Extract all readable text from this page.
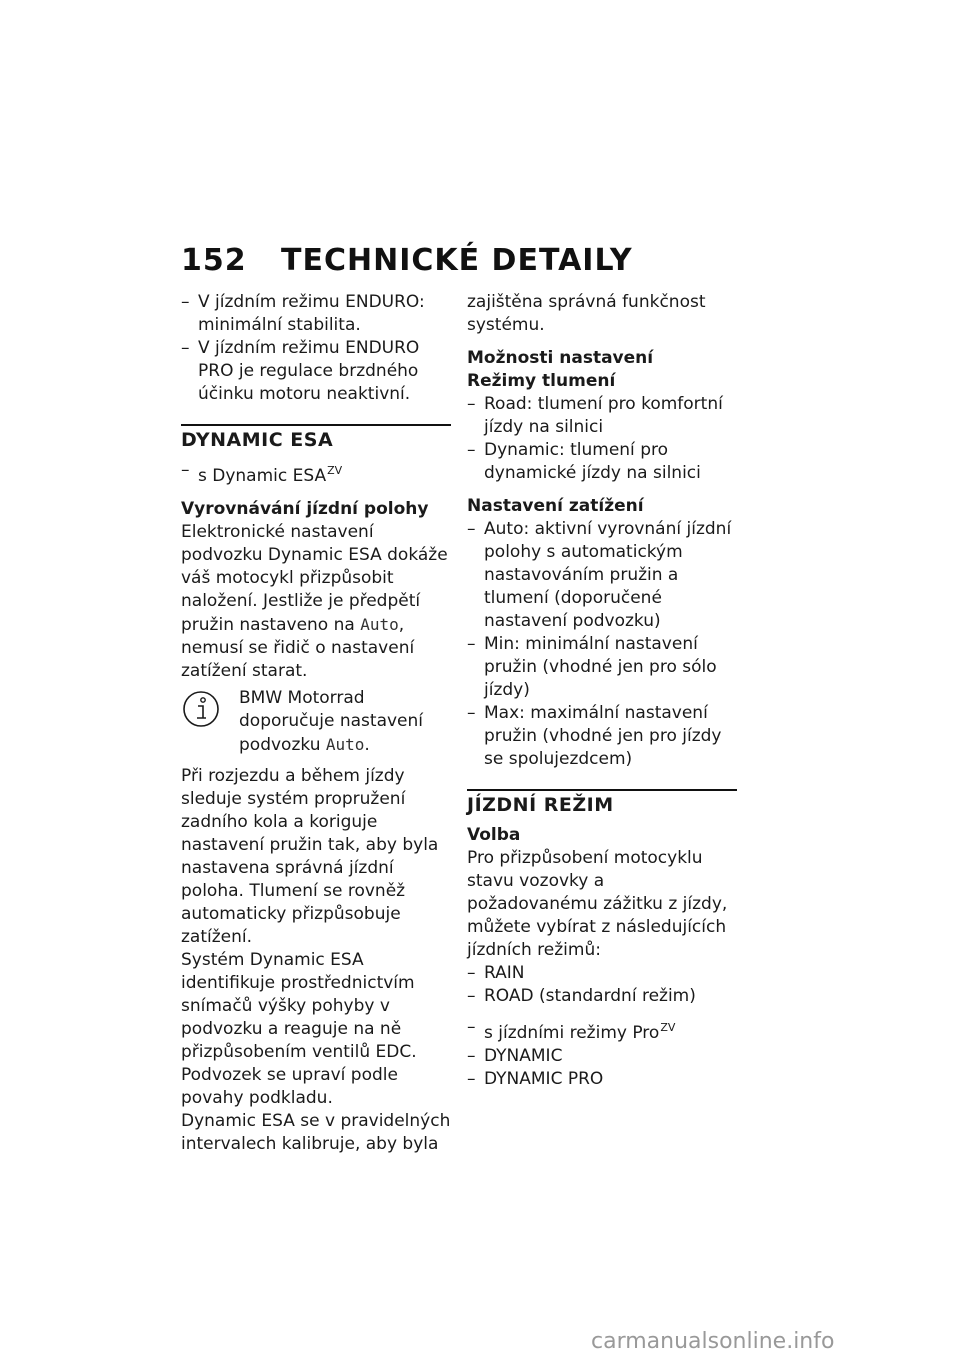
152 TECHNICKÉ DETAILY

– V jízdním režimu ENDURO: minimální stabilita.

– V jízdním režimu ENDURO PRO je regulace brzdného účinku motoru neaktivní.

DYNAMIC ESA

– s Dynamic $ESA^{ZV}$

Vyrovnávání jízdní polohy

Elektronické nastavení podvozku Dynamic ESA dokáže váš motocykl přizpůsobit naložení. Jestliže je předpětí pružin nastaveno na Auto, nemusí se řidič o nastavení zatížení starat.

BMW Motorrad doporučuje nastavení podvozku Auto.

Při rozjezdu a během jízdy sleduje systém propružení zadního kola a koriguje nastavení pružin tak, aby byla nastavena správná jízdní poloha. Tlumení se rovněž automaticky přizpůsobuje zatížení.

Systém Dynamic ESA identifikuje prostřednictvím snímačů výšky pohyby v podvozku a reaguje na ně přizpůsobením ventilů EDC. Podvozek se upraví podle povahy podkladu.

Dynamic ESA se v pravidelných intervalech kalibruje, aby byla

zajištěna správná funkčnost systému.

Možnosti nastavení

Režimy tlumení

– Road: tlumení pro komfortní jízdy na silnici

– Dynamic: tlumení pro dynamické jízdy na silnici

Nastavení zatížení

– Auto: aktivní vyrovnání jízdní polohy s automatickým nastavováním pružin a tlumení (doporučené nastavení podvozku)

– Min: minimální nastavení pružin (vhodné jen pro sólo jízdy)

– Max: maximální nastavení pružin (vhodné jen pro jízdy se spolujezdcem)

JÍZDNÍ REŽIM

Volba

Pro přizpůsobení motocyklu stavu vozovky a požadovanému zážitku z jízdy, můžete vybírat z následujících jízdních režimů:

– RAIN

– ROAD (standardní režim)

– s jízdními režimy Pro$^{ZV}$

– DYNAMIC

– DYNAMIC PRO

carmanualsonline.info
